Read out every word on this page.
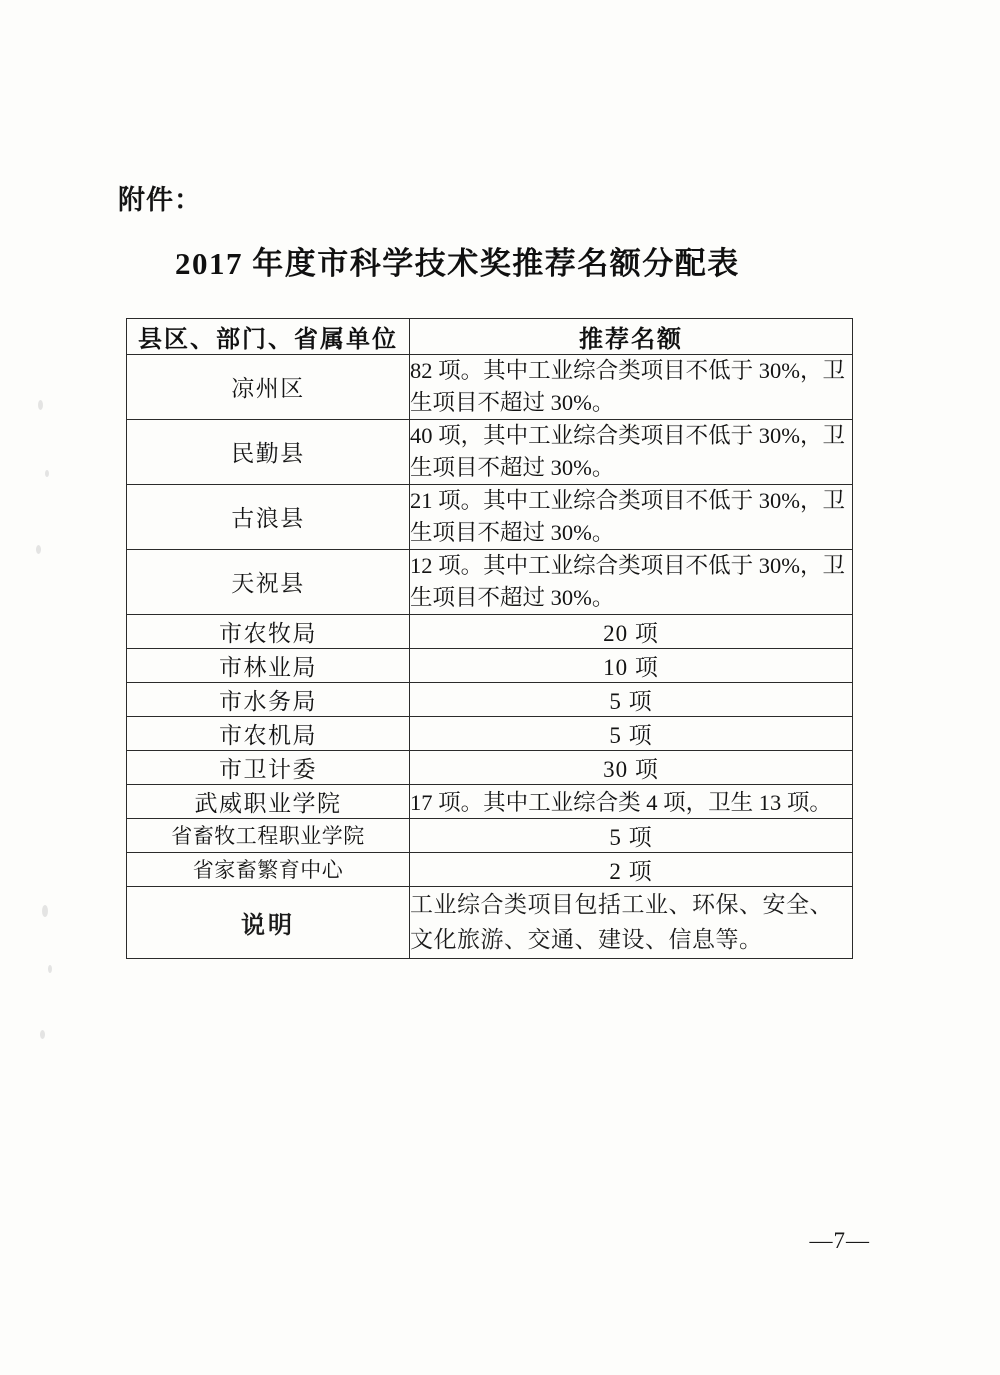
附件：
2017 年度市科学技术奖推荐名额分配表
县区、部门、省属单位	推荐名额
凉州区	82 项。其中工业综合类项目不低于 30%，卫生项目不超过 30%。
民勤县	40 项，其中工业综合类项目不低于 30%，卫生项目不超过 30%。
古浪县	21 项。其中工业综合类项目不低于 30%，卫生项目不超过 30%。
天祝县	12 项。其中工业综合类项目不低于 30%，卫生项目不超过 30%。
市农牧局	20 项
市林业局	10 项
市水务局	5 项
市农机局	5 项
市卫计委	30 项
武威职业学院	17 项。其中工业综合类 4 项，卫生 13 项。
省畜牧工程职业学院	5 项
省家畜繁育中心	2 项
说明	工业综合类项目包括工业、环保、安全、文化旅游、交通、建设、信息等。
—7—
